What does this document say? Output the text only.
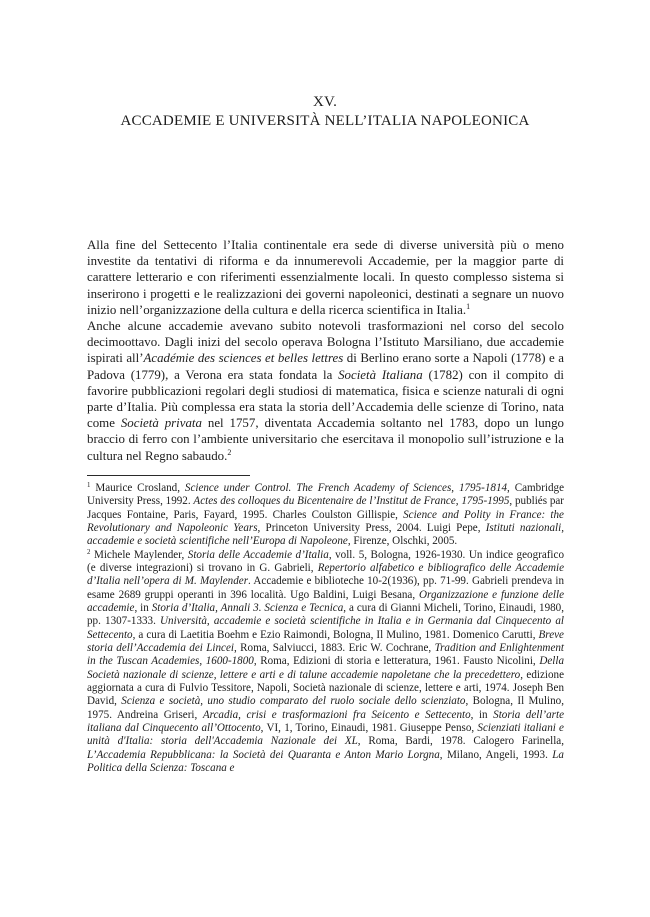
XV.
ACCADEMIE E UNIVERSITÀ NELL’ITALIA NAPOLEONICA

Alla fine del Settecento l’Italia continentale era sede di diverse università più o meno investite da tentativi di riforma e da innumerevoli Accademie, per la maggior parte di carattere letterario e con riferimenti essenzialmente locali. In questo complesso sistema si inserirono i progetti e le realizzazioni dei governi napoleonici, destinati a segnare un nuovo inizio nell’organizzazione della cultura e della ricerca scientifica in Italia.$^1$

Anche alcune accademie avevano subito notevoli trasformazioni nel corso del secolo decimoottavo. Dagli inizi del secolo operava Bologna l’Istituto Marsiliano, due accademie ispirati all’Académie des sciences et belles lettres di Berlino erano sorte a Napoli (1778) e a Padova (1779), a Verona era stata fondata la Società Italiana (1782) con il compito di favorire pubblicazioni regolari degli studiosi di matematica, fisica e scienze naturali di ogni parte d’Italia. Più complessa era stata la storia dell’Accademia delle scienze di Torino, nata come Società privata nel 1757, diventata Accademia soltanto nel 1783, dopo un lungo braccio di ferro con l’ambiente universitario che esercitava il monopolio sull’istruzione e la cultura nel Regno sabaudo.$^2$

$^1$ Maurice Crosland, Science under Control. The French Academy of Sciences, 1795-1814, Cambridge University Press, 1992. Actes des colloques du Bicentenaire de l’Institut de France, 1795-1995, publiés par Jacques Fontaine, Paris, Fayard, 1995. Charles Coulston Gillispie, Science and Polity in France: the Revolutionary and Napoleonic Years, Princeton University Press, 2004. Luigi Pepe, Istituti nazionali, accademie e società scientifiche nell’Europa di Napoleone, Firenze, Olschki, 2005.

$^2$ Michele Maylender, Storia delle Accademie d’Italia, voll. 5, Bologna, 1926-1930. Un indice geografico (e diverse integrazioni) si trovano in G. Gabrieli, Repertorio alfabetico e bibliografico delle Accademie d’Italia nell’opera di M. Maylender. Accademie e biblioteche 10-2(1936), pp. 71-99. Gabrieli prendeva in esame 2689 gruppi operanti in 396 località. Ugo Baldini, Luigi Besana, Organizzazione e funzione delle accademie, in Storia d’Italia, Annali 3. Scienza e Tecnica, a cura di Gianni Micheli, Torino, Einaudi, 1980, pp. 1307-1333. Università, accademie e società scientifiche in Italia e in Germania dal Cinquecento al Settecento, a cura di Laetitia Boehm e Ezio Raimondi, Bologna, Il Mulino, 1981. Domenico Carutti, Breve storia dell’Accademia dei Lincei, Roma, Salviucci, 1883. Eric W. Cochrane, Tradition and Enlightenment in the Tuscan Academies, 1600-1800, Roma, Edizioni di storia e letteratura, 1961. Fausto Nicolini, Della Società nazionale di scienze, lettere e arti e di talune accademie napoletane che la precedettero, edizione aggiornata a cura di Fulvio Tessitore, Napoli, Società nazionale di scienze, lettere e arti, 1974. Joseph Ben David, Scienza e società, uno studio comparato del ruolo sociale dello scienziato, Bologna, Il Mulino, 1975. Andreina Griseri, Arcadia, crisi e trasformazioni fra Seicento e Settecento, in Storia dell’arte italiana dal Cinquecento all’Ottocento, VI, 1, Torino, Einaudi, 1981. Giuseppe Penso, Scienziati italiani e unità d'Italia: storia dell'Accademia Nazionale dei XL, Roma, Bardi, 1978. Calogero Farinella, L’Accademia Repubblicana: la Società dei Quaranta e Anton Mario Lorgna, Milano, Angeli, 1993. La Politica della Scienza: Toscana e
